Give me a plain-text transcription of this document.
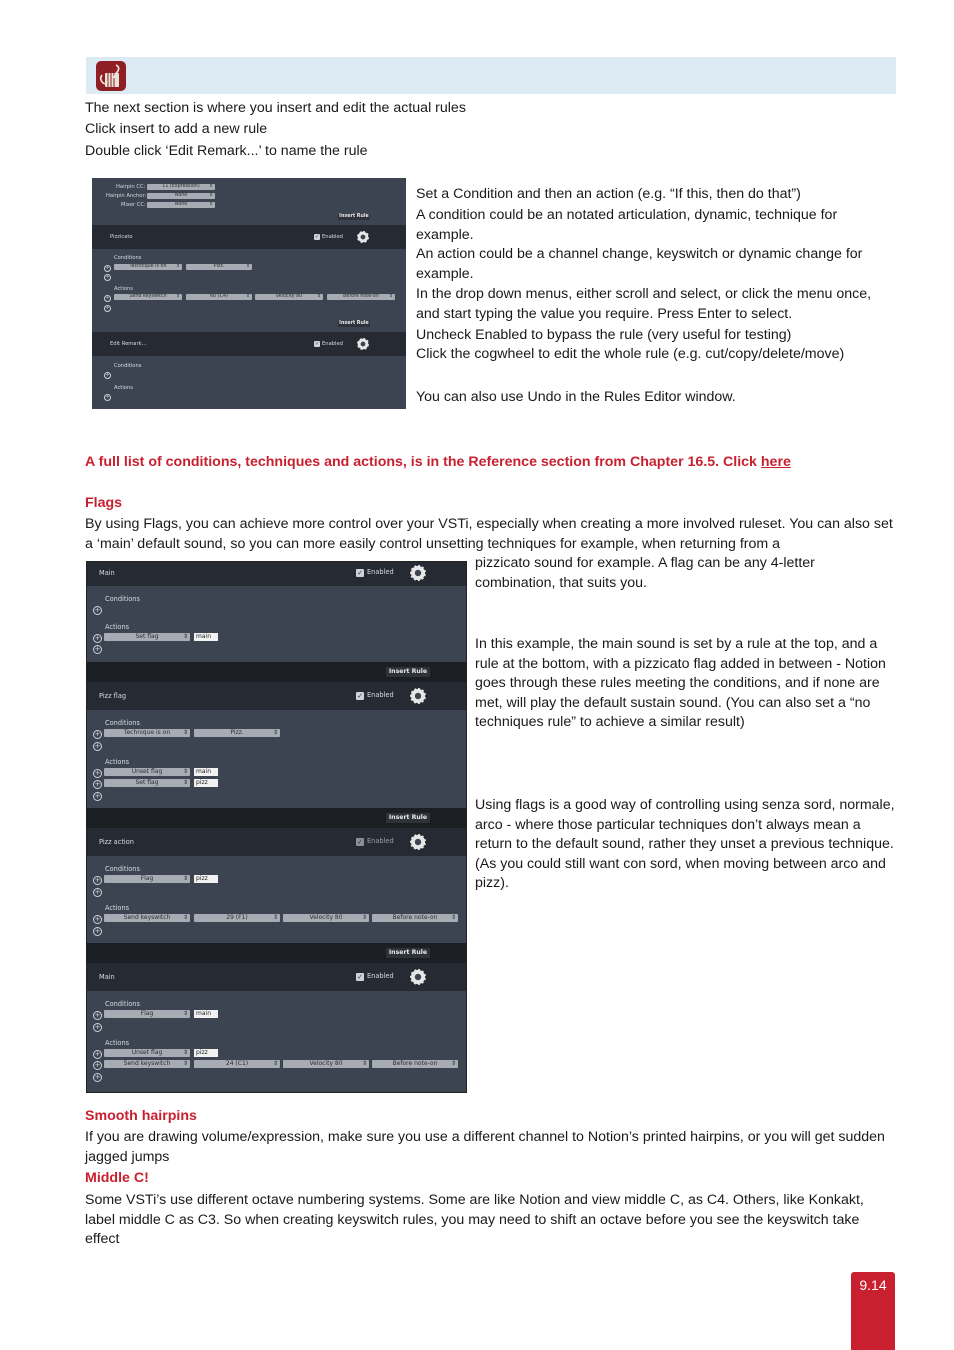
The next section is where you insert and edit the actual rules

Click insert to add a new rule

Double click ‘Edit Remark...’ to name the rule

Hairpin CC:	11 (Expression) ⇕
Hairpin Anchor:	None ⇕
Mixer CC:	None ⇕
Insert Rule
Pizzicato	✓ Enabled
Conditions
+	Technique is on ⇕	Pizz. ⇕
+
Actions
+	Send keyswitch ⇕	60 (C4) ⇕	Velocity 80 ⇕	Before note-on ⇕
+
Insert Rule
Edit Remark...	✓ Enabled
Conditions
+
Actions
+

Set a Condition and then an action (e.g. “If this, then do that”)

A condition could be an notated articulation, dynamic, technique for example.

An action could be a channel change, keyswitch or dynamic change for example.

In the drop down menus, either scroll and select, or click the menu once, and start typing the value you require. Press Enter to select.

Uncheck Enabled to bypass the rule (very useful for testing)

Click the cogwheel to edit the whole rule (e.g. cut/copy/delete/move)

You can also use Undo in the Rules Editor window.

A full list of conditions, techniques and actions, is in the Reference section from Chapter 16.5. Click here

Flags

By using Flags, you can achieve more control over your VSTi, especially when creating a more involved ruleset. You can also set a ‘main’ default sound, so you can more easily control unsetting techniques for example, when returning from a

pizzicato sound for example. A flag can be any 4-letter combination, that suits you.

In this example, the main sound is set by a rule at the top, and a rule at the bottom, with a pizzicato flag added in between - Notion goes through these rules meeting the conditions, and if none are met, will play the default sustain sound. (You can also set a “no techniques rule” to achieve a similar result)

Using flags is a good way of controlling using senza sord, normale, arco - where those particular techniques don’t always mean a return to the default sound, rather they unset a previous technique. (As you could still want con sord, when moving between arco and pizz).

Main	✓ Enabled
Conditions
+
Actions
+	Set flag ⇕	main
+
Insert Rule
Pizz flag	✓ Enabled
Conditions
+	Technique is on ⇕	Pizz. ⇕
+
Actions
+	Unset flag ⇕	main
+	Set flag ⇕	pizz
+
Insert Rule
Pizz action	✓ Enabled
Conditions
+	Flag ⇕	pizz
+
Actions
+	Send keyswitch ⇕	29 (F1) ⇕	Velocity 80 ⇕	Before note-on ⇕
+
Insert Rule
Main	✓ Enabled
Conditions
+	Flag ⇕	main
+
Actions
+	Unset flag ⇕	pizz
+	Send keyswitch ⇕	24 (C1) ⇕	Velocity 80 ⇕	Before note-on ⇕
+

Smooth hairpins

If you are drawing volume/expression, make sure you use a different channel to Notion’s printed hairpins, or you will get sudden jagged jumps

Middle C!

Some VSTi’s use different octave numbering systems. Some are like Notion and view middle C, as C4. Others, like Konkakt, label middle C as C3. So when creating keyswitch rules, you may need to shift an octave before you see the keyswitch take effect

9.14
